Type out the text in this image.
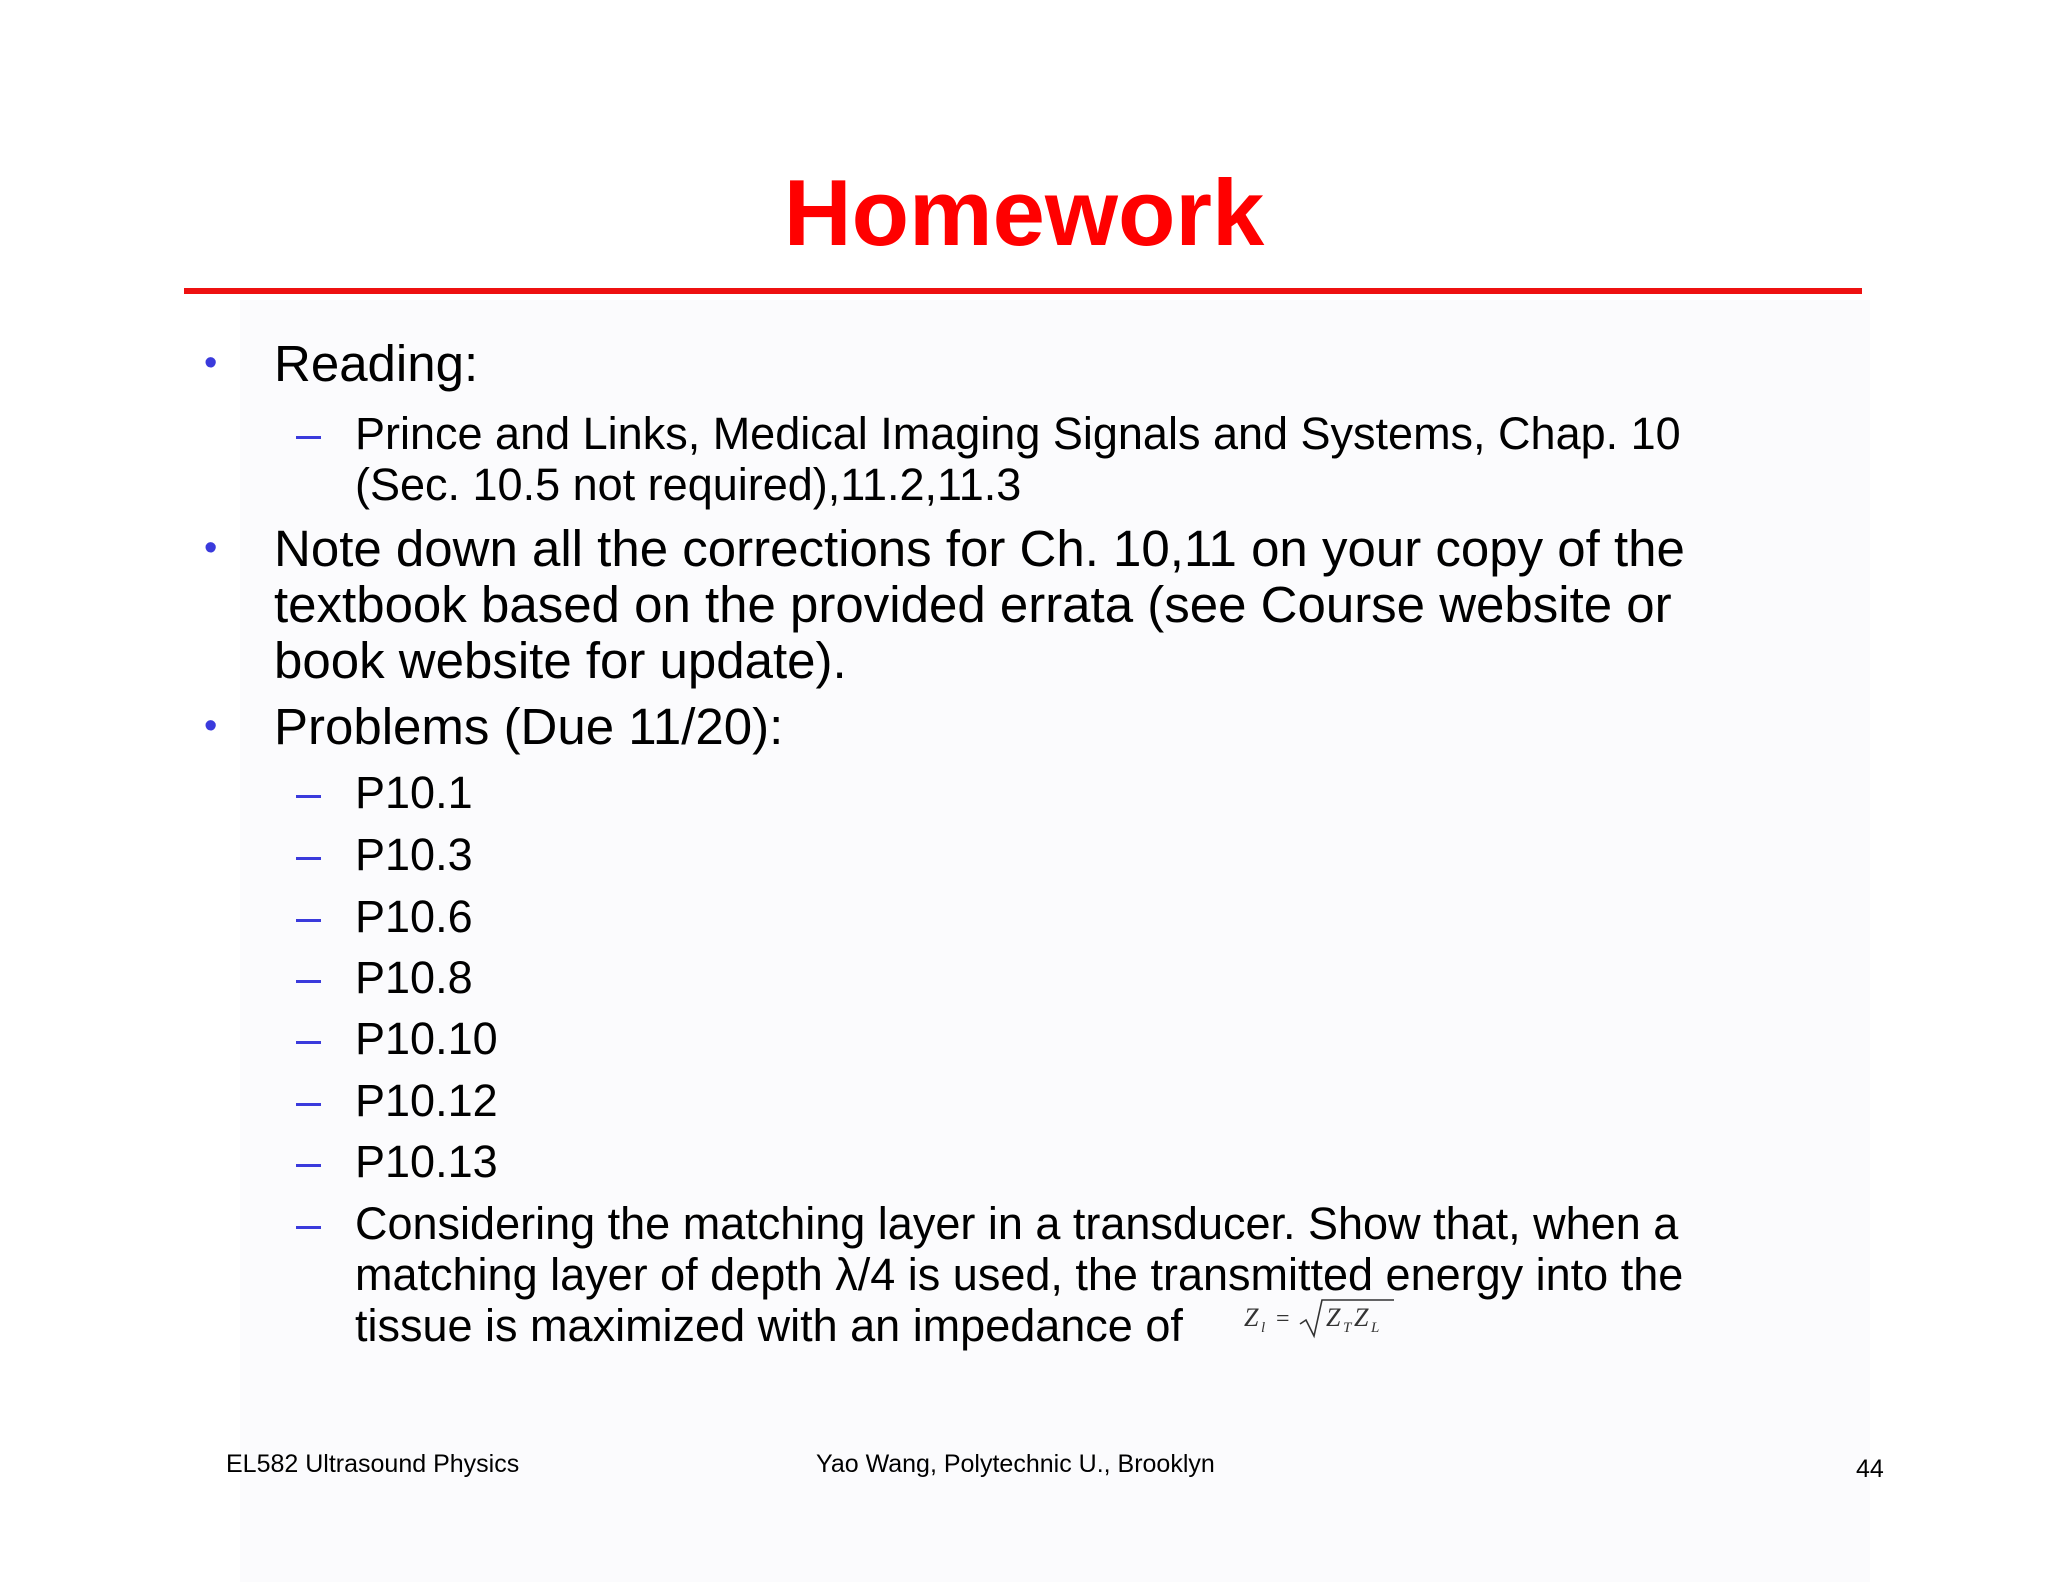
Homework
• Reading:
– Prince and Links, Medical Imaging Signals and Systems, Chap. 10
(Sec. 10.5 not required),11.2,11.3
• Note down all the corrections for Ch. 10,11 on your copy of the
textbook based on the provided errata (see Course website or
book website for update).
• Problems (Due 11/20):
– P10.1
– P10.3
– P10.6
– P10.8
– P10.10
– P10.12
– P10.13
– Considering the matching layer in a transducer. Show that, when a
matching layer of depth λ/4 is used, the transmitted energy into the
tissue is maximized with an impedance of Z l = Z T Z L
EL582 Ultrasound Physics	Yao Wang, Polytechnic U., Brooklyn	44
